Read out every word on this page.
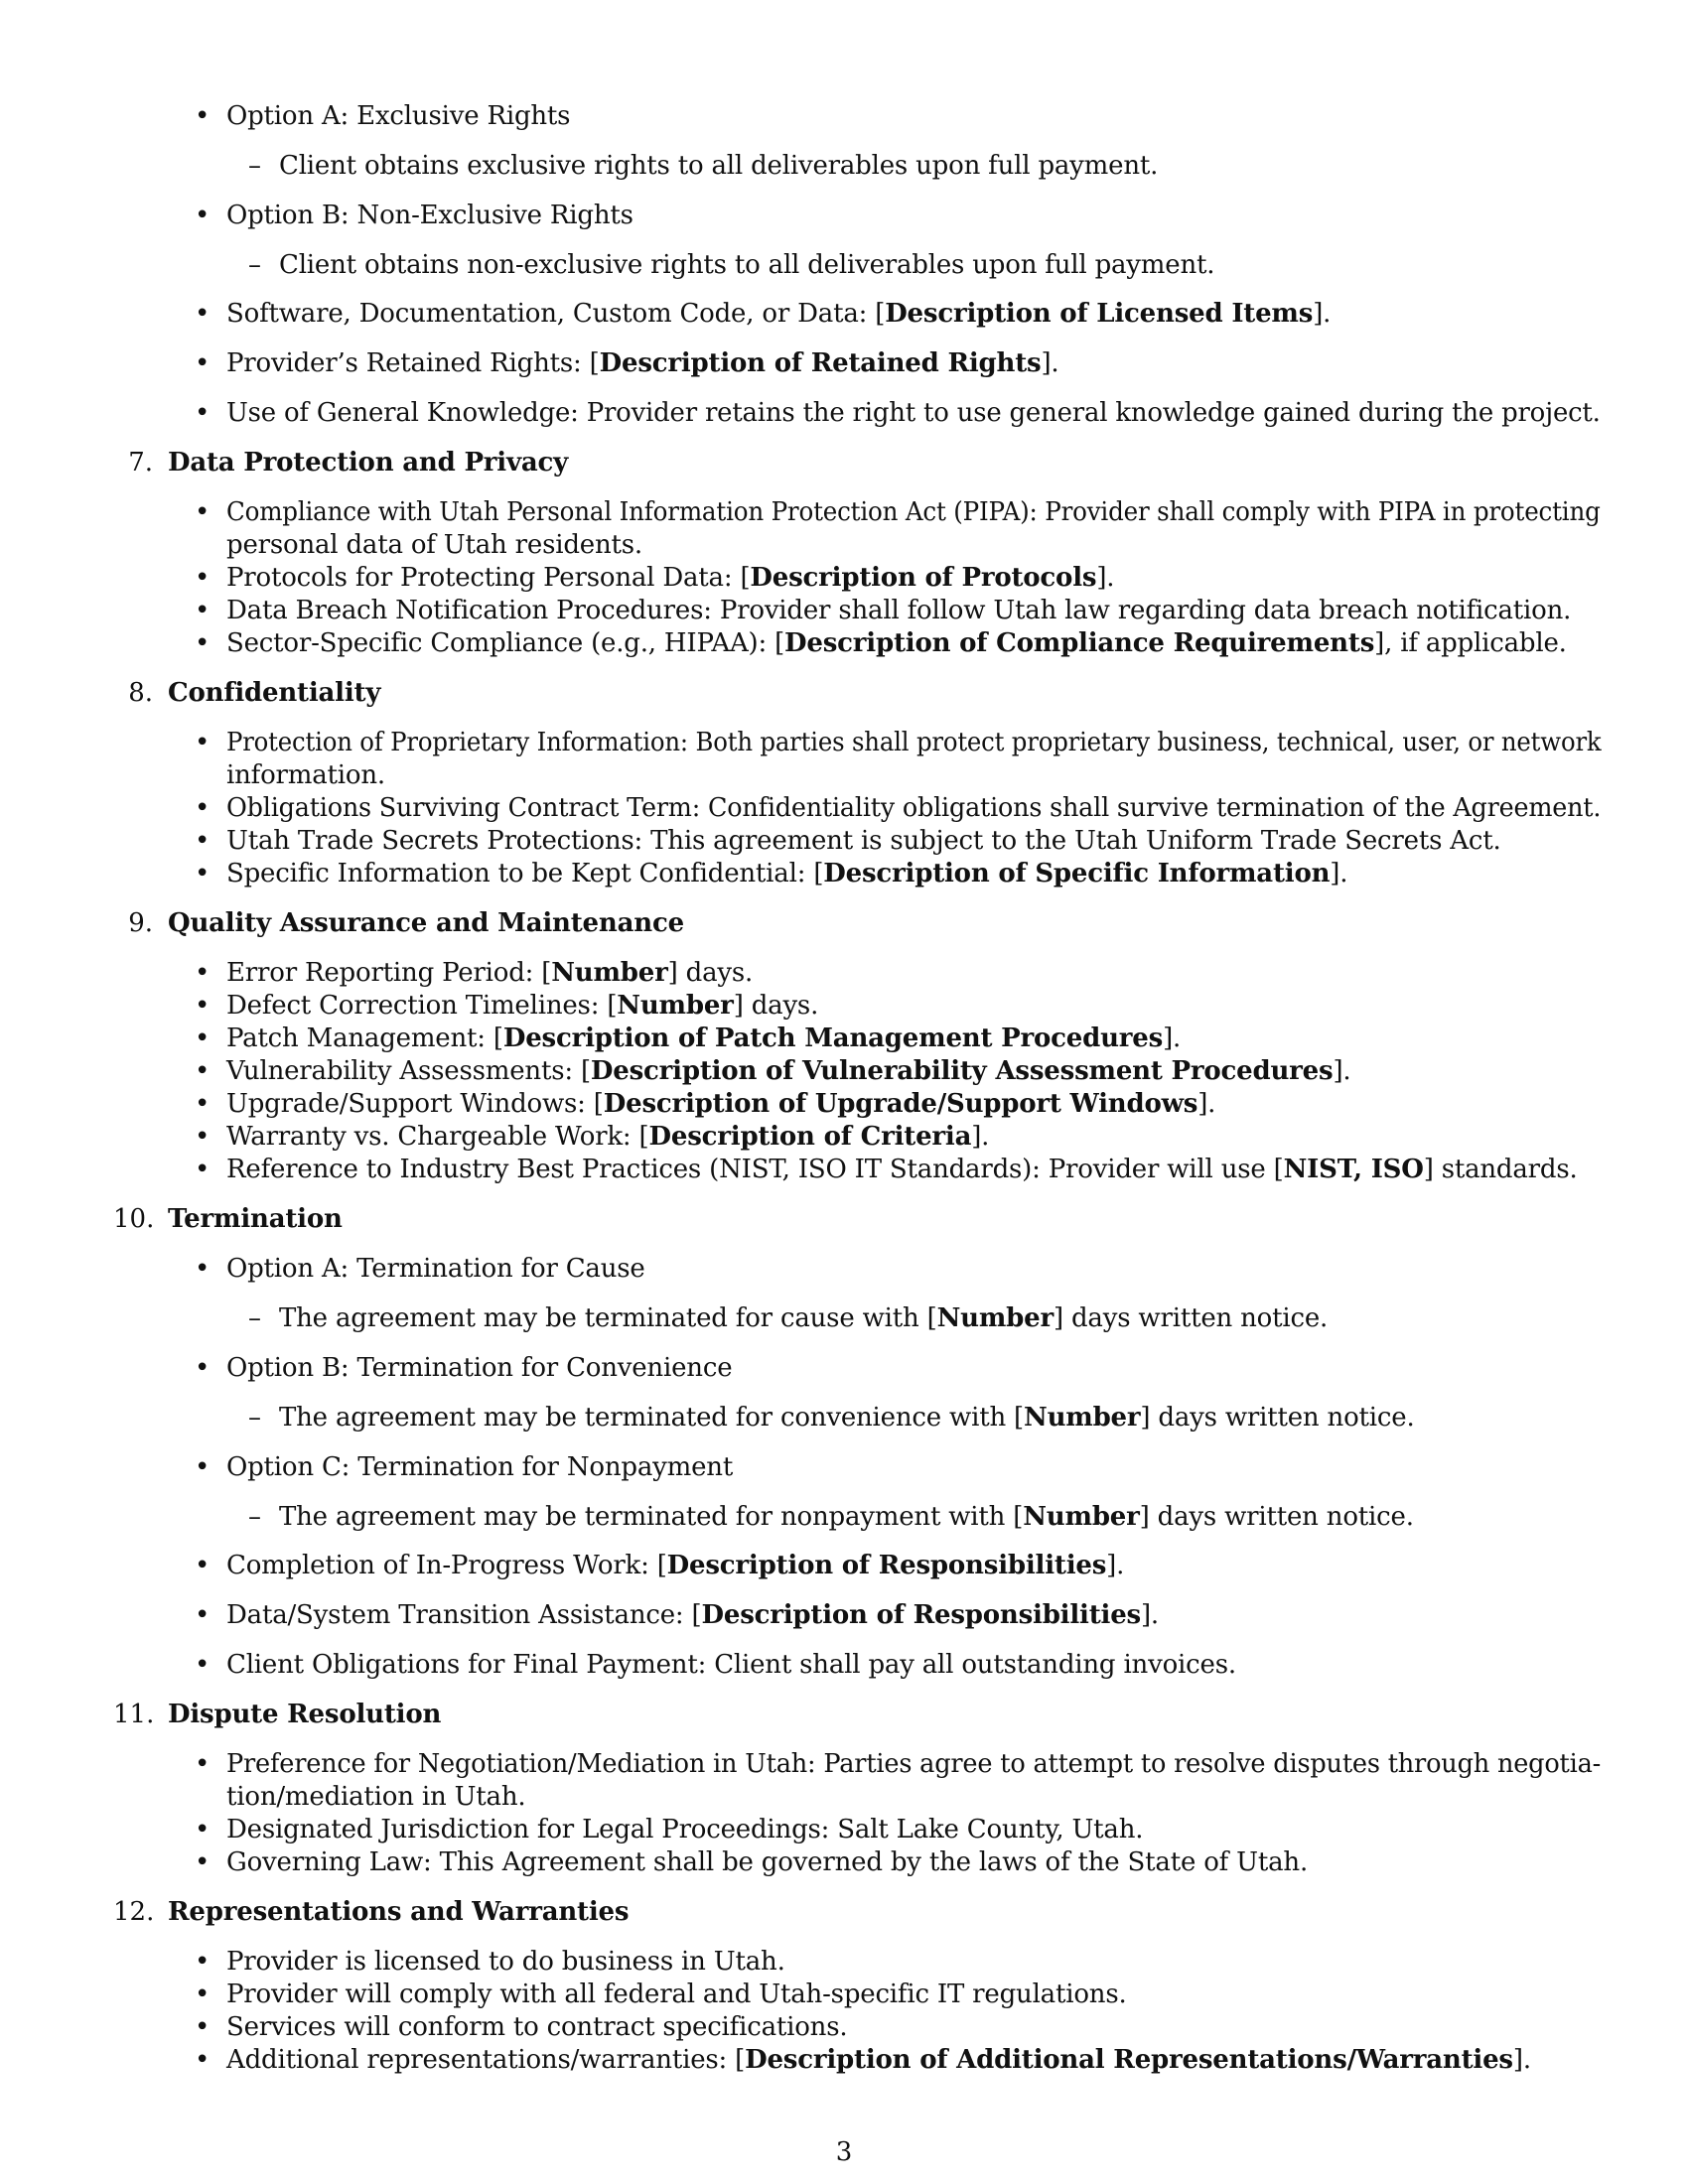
• Option A: Exclusive Rights
– Client obtains exclusive rights to all deliverables upon full payment.
• Option B: Non-Exclusive Rights
– Client obtains non-exclusive rights to all deliverables upon full payment.
• Software, Documentation, Custom Code, or Data: [Description of Licensed Items].
• Provider’s Retained Rights: [Description of Retained Rights].
• Use of General Knowledge: Provider retains the right to use general knowledge gained during the project.
7. Data Protection and Privacy
• Compliance with Utah Personal Information Protection Act (PIPA): Provider shall comply with PIPA in protecting
personal data of Utah residents.
• Protocols for Protecting Personal Data: [Description of Protocols].
• Data Breach Notification Procedures: Provider shall follow Utah law regarding data breach notification.
• Sector-Specific Compliance (e.g., HIPAA): [Description of Compliance Requirements], if applicable.
8. Confidentiality
• Protection of Proprietary Information: Both parties shall protect proprietary business, technical, user, or network
information.
• Obligations Surviving Contract Term: Confidentiality obligations shall survive termination of the Agreement.
• Utah Trade Secrets Protections: This agreement is subject to the Utah Uniform Trade Secrets Act.
• Specific Information to be Kept Confidential: [Description of Specific Information].
9. Quality Assurance and Maintenance
• Error Reporting Period: [Number] days.
• Defect Correction Timelines: [Number] days.
• Patch Management: [Description of Patch Management Procedures].
• Vulnerability Assessments: [Description of Vulnerability Assessment Procedures].
• Upgrade/Support Windows: [Description of Upgrade/Support Windows].
• Warranty vs. Chargeable Work: [Description of Criteria].
• Reference to Industry Best Practices (NIST, ISO IT Standards): Provider will use [NIST, ISO] standards.
10. Termination
• Option A: Termination for Cause
– The agreement may be terminated for cause with [Number] days written notice.
• Option B: Termination for Convenience
– The agreement may be terminated for convenience with [Number] days written notice.
• Option C: Termination for Nonpayment
– The agreement may be terminated for nonpayment with [Number] days written notice.
• Completion of In-Progress Work: [Description of Responsibilities].
• Data/System Transition Assistance: [Description of Responsibilities].
• Client Obligations for Final Payment: Client shall pay all outstanding invoices.
11. Dispute Resolution
• Preference for Negotiation/Mediation in Utah: Parties agree to attempt to resolve disputes through negotia-
tion/mediation in Utah.
• Designated Jurisdiction for Legal Proceedings: Salt Lake County, Utah.
• Governing Law: This Agreement shall be governed by the laws of the State of Utah.
12. Representations and Warranties
• Provider is licensed to do business in Utah.
• Provider will comply with all federal and Utah-specific IT regulations.
• Services will conform to contract specifications.
• Additional representations/warranties: [Description of Additional Representations/Warranties].
3
